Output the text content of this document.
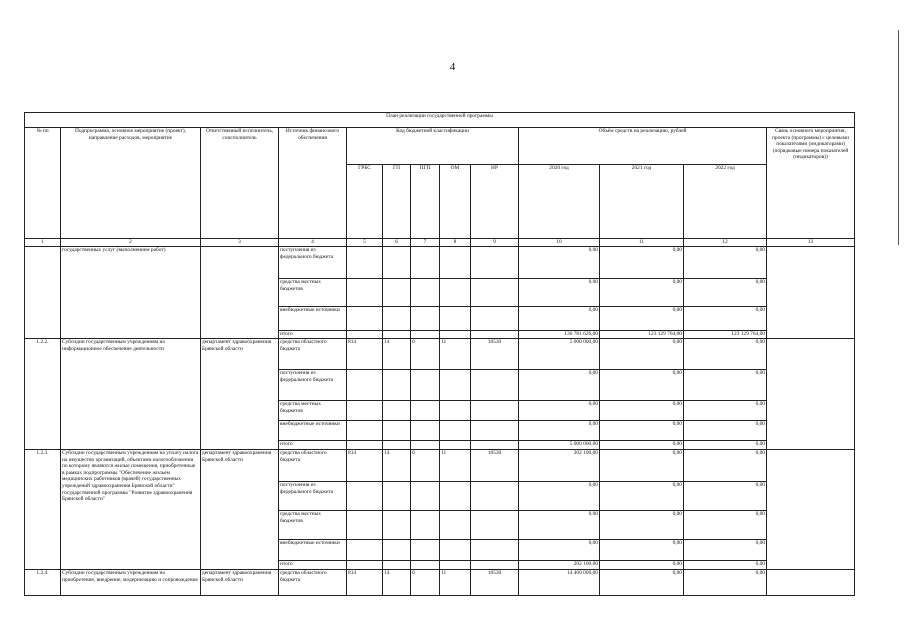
4
План реализации государственной программы												
№ пп	Подпрограмма, основное мероприятие (проект), направление расходов, мероприятие	Ответственный исполнитель, соисполнитель	Источник финансового обеспечения	Код бюджетной классификации					Объём средств на реализацию, рублей			Связь основного мероприятия, проекта (программы) с целевыми показателями (индикаторами) (порядковые номера показателей (индикаторов))
				ГРБС	ГП	ПГП	ОМ	НР	2020 год	2021 год	2022 год	
1	2	3	4	5	6	7	8	9	10	11	12	13
	государственных услуг (выполнением работ)		поступления из федерального бюджета						0,00	0,00	0,00	
			средства местных бюджетов						0,00	0,00	0,00	
			внебюджетные источники						0,00	0,00	0,00	
			итого						136 781 626,00	123 129 764,00	123 129 764,00	
1.2.2.	Субсидии государственным учреждениям на информационное обеспечение деятельности	департамент здравоохранения Брянской области	средства областного бюджета	814	14	0	11	10530	5 000 000,00	0,00	0,00	
			поступления из федерального бюджета						0,00	0,00	0,00	
			средства местных бюджетов						0,00	0,00	0,00	
			внебюджетные источники						0,00	0,00	0,00	
			итого						5 000 000,00	0,00	0,00	
1.2.3.	Субсидии государственным учреждениям на уплату налога на имущество организаций, объектами налогообложения по которому являются жилые помещения, приобретенные в рамках подпрограммы "Обеспечение жильем медицинских работников (врачей) государственных учреждений здравоохранения Брянской области" государственной программы "Развитие здравоохранения Брянской области"	департамент здравоохранения Брянской области	средства областного бюджета	814	14	0	11	10530	202 100,00	0,00	0,00	
			поступления из федерального бюджета						0,00	0,00	0,00	
			средства местных бюджетов						0,00	0,00	0,00	
			внебюджетные источники						0,00	0,00	0,00	
			итого						202 100,00	0,00	0,00	
1.2.4.	Субсидии государственным учреждениям на приобретение, внедрение, модернизацию и сопровождение	департамент здравоохранения Брянской области	средства областного бюджета	814	14	0	11	10530	14 400 000,00	0,00	0,00	
